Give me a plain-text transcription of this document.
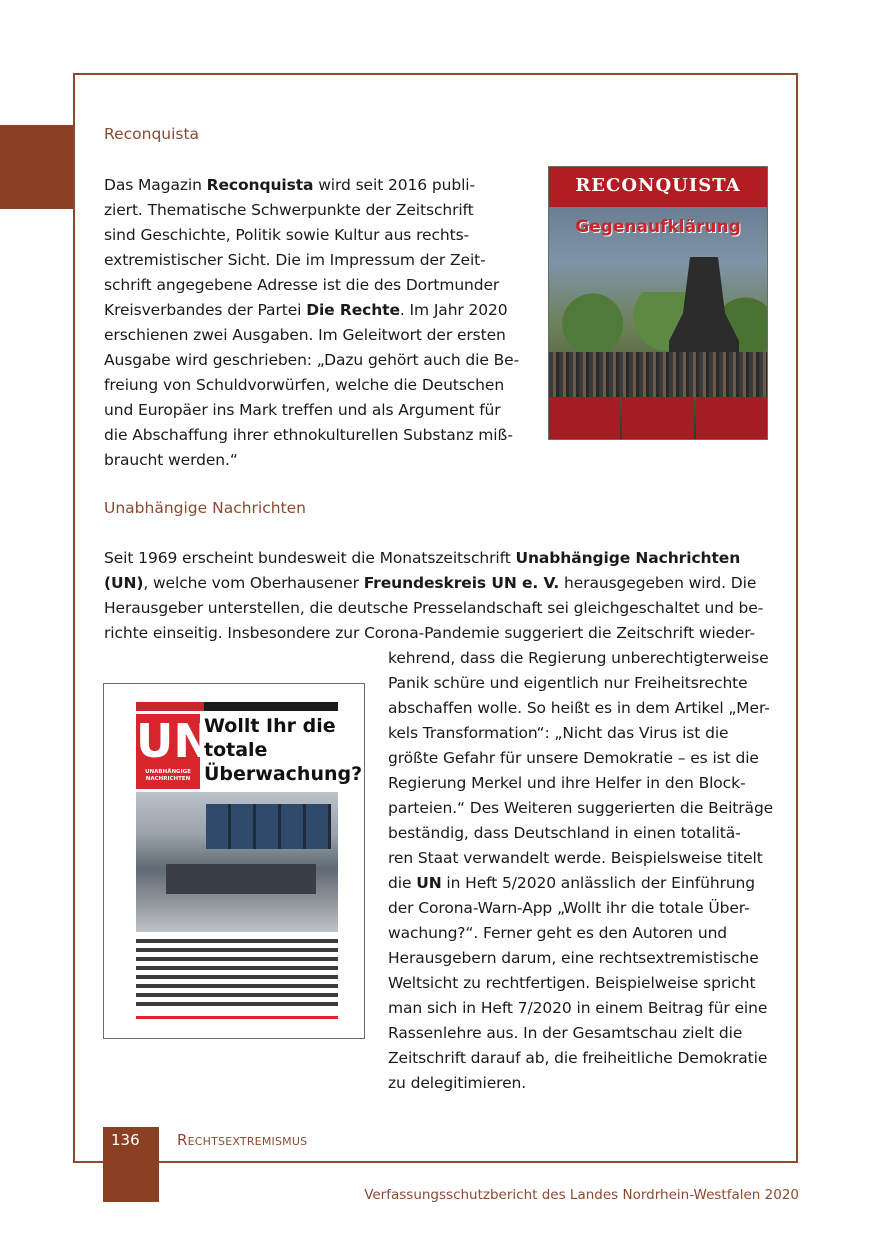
Reconquista
Das Magazin Reconquista wird seit 2016 publi-
ziert. Thematische Schwerpunkte der Zeitschrift
sind Geschichte, Politik sowie Kultur aus rechts-
extremistischer Sicht. Die im Impressum der Zeit-
schrift angegebene Adresse ist die des Dortmunder
Kreisverbandes der Partei Die Rechte. Im Jahr 2020
erschienen zwei Ausgaben. Im Geleitwort der ersten
Ausgabe wird geschrieben: „Dazu gehört auch die Be-
freiung von Schuldvorwürfen, welche die Deutschen
und Europäer ins Mark treffen und als Argument für
die Abschaffung ihrer ethnokulturellen Substanz miß-
braucht werden.“
RECONQUISTA
Gegenaufklärung
Unabhängige Nachrichten
Seit 1969 erscheint bundesweit die Monatszeitschrift Unabhängige Nachrichten
(UN), welche vom Oberhausener Freundeskreis UN e. V. herausgegeben wird. Die
Herausgeber unterstellen, die deutsche Presselandschaft sei gleichgeschaltet und be-
richte einseitig. Insbesondere zur Corona-Pandemie suggeriert die Zeitschrift wieder-
kehrend, dass die Regierung unberechtigterweise
Panik schüre und eigentlich nur Freiheitsrechte
abschaffen wolle. So heißt es in dem Artikel „Mer-
kels Transformation“: „Nicht das Virus ist die
größte Gefahr für unsere Demokratie – es ist die
Regierung Merkel und ihre Helfer in den Block-
parteien.“ Des Weiteren suggerierten die Beiträge
beständig, dass Deutschland in einen totalitä-
ren Staat verwandelt werde. Beispielsweise titelt
die UN in Heft 5/2020 anlässlich der Einführung
der Corona-Warn-App „Wollt ihr die totale Über-
wachung?“. Ferner geht es den Autoren und
Herausgebern darum, eine rechtsextremistische
Weltsicht zu rechtfertigen. Beispielweise spricht
man sich in Heft 7/2020 in einem Beitrag für eine
Rassenlehre aus. In der Gesamtschau zielt die
Zeitschrift darauf ab, die freiheitliche Demokratie
zu delegitimieren.
UN
UNABHÄNGIGE NACHRICHTEN
Wollt Ihr die totale Überwachung?
136 Rechtsextremismus
Verfassungsschutzbericht des Landes Nordrhein-Westfalen 2020
